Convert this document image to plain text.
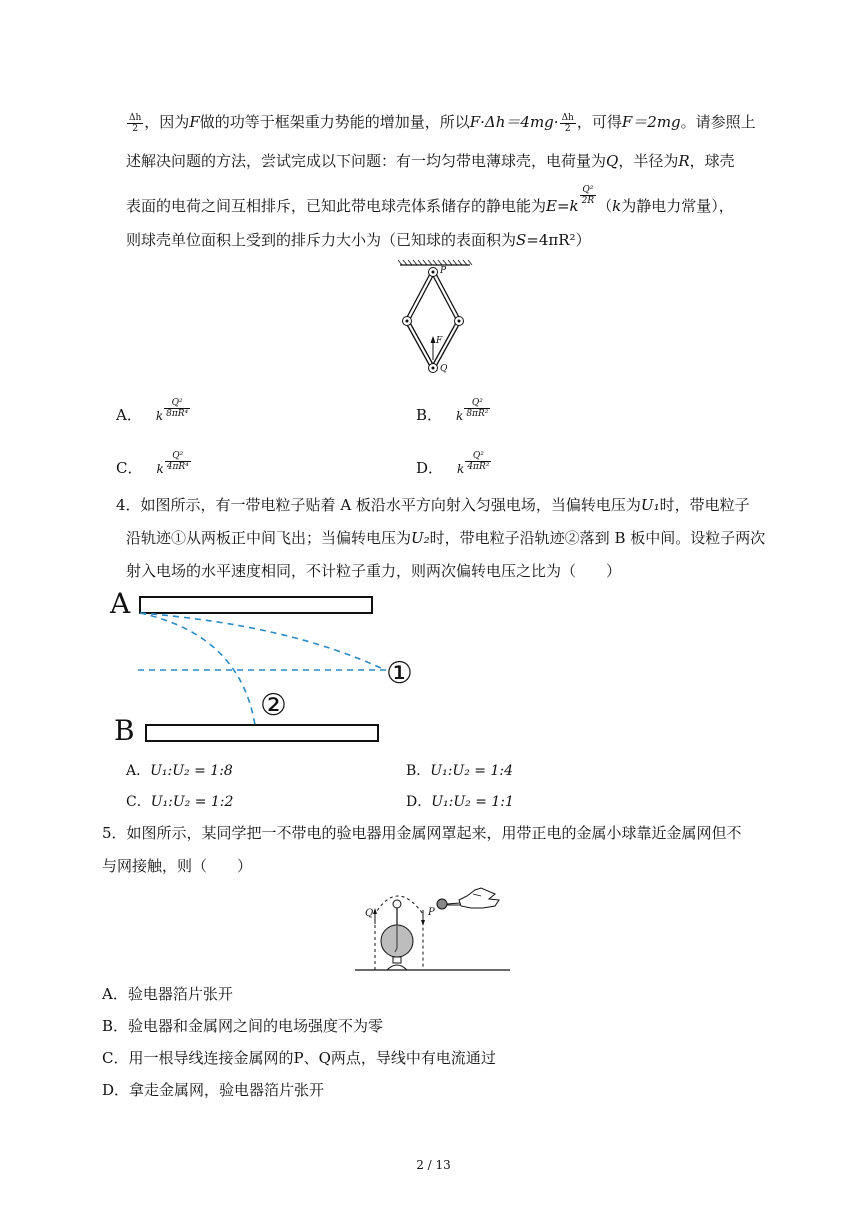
$\frac{\Delta h}{2}$ ，因为F做的功等于框架重力势能的增加量，所以$F\cdot\Delta h=4mg\cdot \frac{\Delta h}{2}$ ，可得F＝2mg。请参照上
述解决问题的方法，尝试完成以下问题：有一均匀带电薄球壳，电荷量为Q，半径为R，球壳
表面的电荷之间互相排斥，已知此带电球壳体系储存的静电能为E=k
$\frac{\text{Q²}}{2R}$
（k为静电力常量），
则球壳单位面积上受到的排斥力大小为（已知球的表面积为S=4πR²）
P
F
Q
A． k $\frac{\text{Q²}}{\text{8πR⁴}}$	B． k $\frac{\text{Q²}}{\text{8πR²}}$
C． k $\frac{\text{Q²}}{\text{4πR⁴}}$	D． k $\frac{\text{Q²}}{\text{4πR²}}$
4．如图所示，有一带电粒子贴着 A 板沿水平方向射入匀强电场，当偏转电压为U₁时，带电粒子
沿轨迹①从两板正中间飞出；当偏转电压为U₂时，带电粒子沿轨迹②落到 B 板中间。设粒子两次
射入电场的水平速度相同，不计粒子重力，则两次偏转电压之比为（　　）
A
B
①
②
A．U₁:U₂ = 1:8	B．U₁:U₂ = 1:4
C．U₁:U₂ = 1:2	D．U₁:U₂ = 1:1
5．如图所示，某同学把一不带电的验电器用金属网罩起来，用带正电的金属小球靠近金属网但不
与网接触，则（　　）
Q	P
A．验电器箔片张开
B．验电器和金属网之间的电场强度不为零
C．用一根导线连接金属网的P、Q两点，导线中有电流通过
D．拿走金属网，验电器箔片张开
2 / 13
